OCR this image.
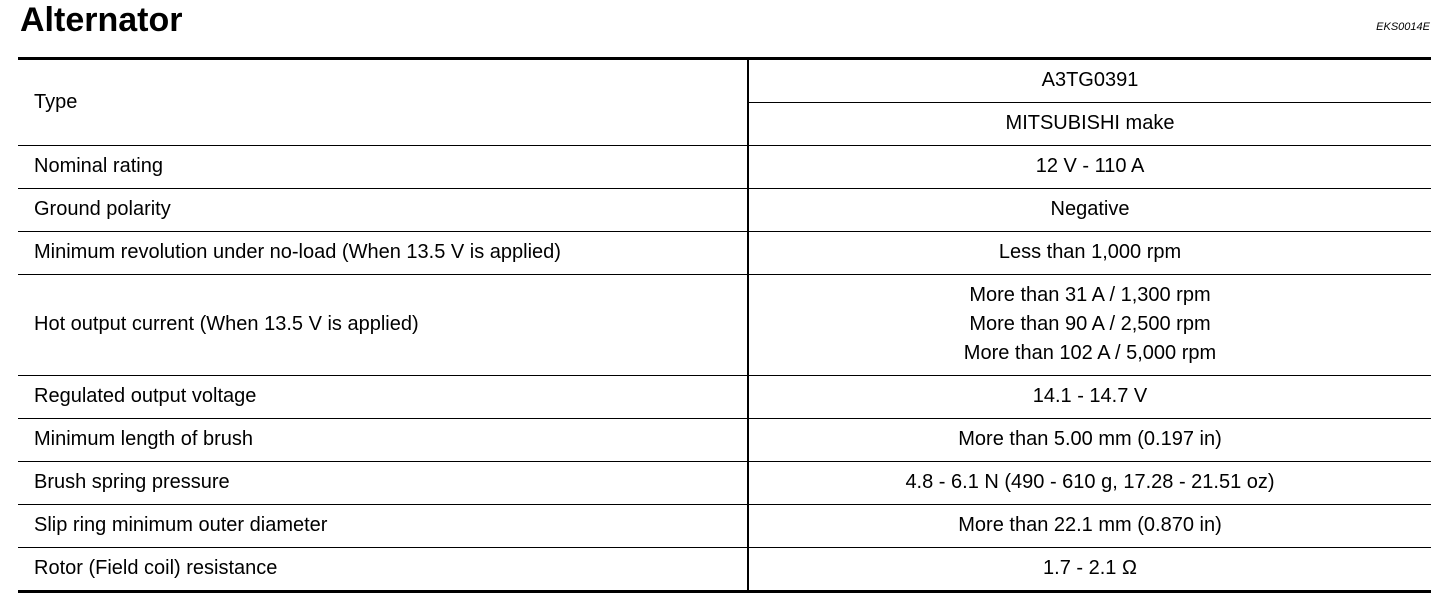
Alternator	EKS0014E
Type	A3TG0391
	MITSUBISHI make
Nominal rating	12 V - 110 A
Ground polarity	Negative
Minimum revolution under no-load (When 13.5 V is applied)	Less than 1,000 rpm
Hot output current (When 13.5 V is applied)	More than 31 A / 1,300 rpm
More than 90 A / 2,500 rpm
More than 102 A / 5,000 rpm

Regulated output voltage	14.1 - 14.7 V
Minimum length of brush	More than 5.00 mm (0.197 in)
Brush spring pressure	4.8 - 6.1 N (490 - 610 g, 17.28 - 21.51 oz)
Slip ring minimum outer diameter	More than 22.1 mm (0.870 in)
Rotor (Field coil) resistance	1.7 - 2.1 Ω
